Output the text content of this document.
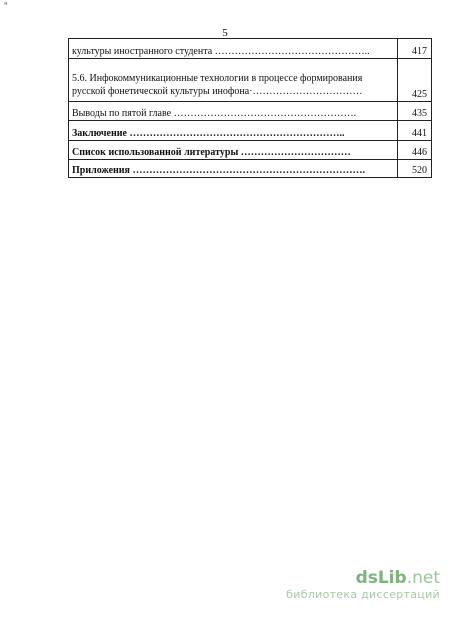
"
5
культуры иностранного студента ………………………………………..	417
5.6. Инфокоммуникационные технологии в процессе формирования
русской фонетической культуры инофона·……………………………	425
Выводы по пятой главе ……………………………………………….	435
Заключение ………………………………………………………..	441
Список использованной литературы ……………………………	446
Приложения …………………………………………………………….	520
dsLib.net
библиотека диссертаций
